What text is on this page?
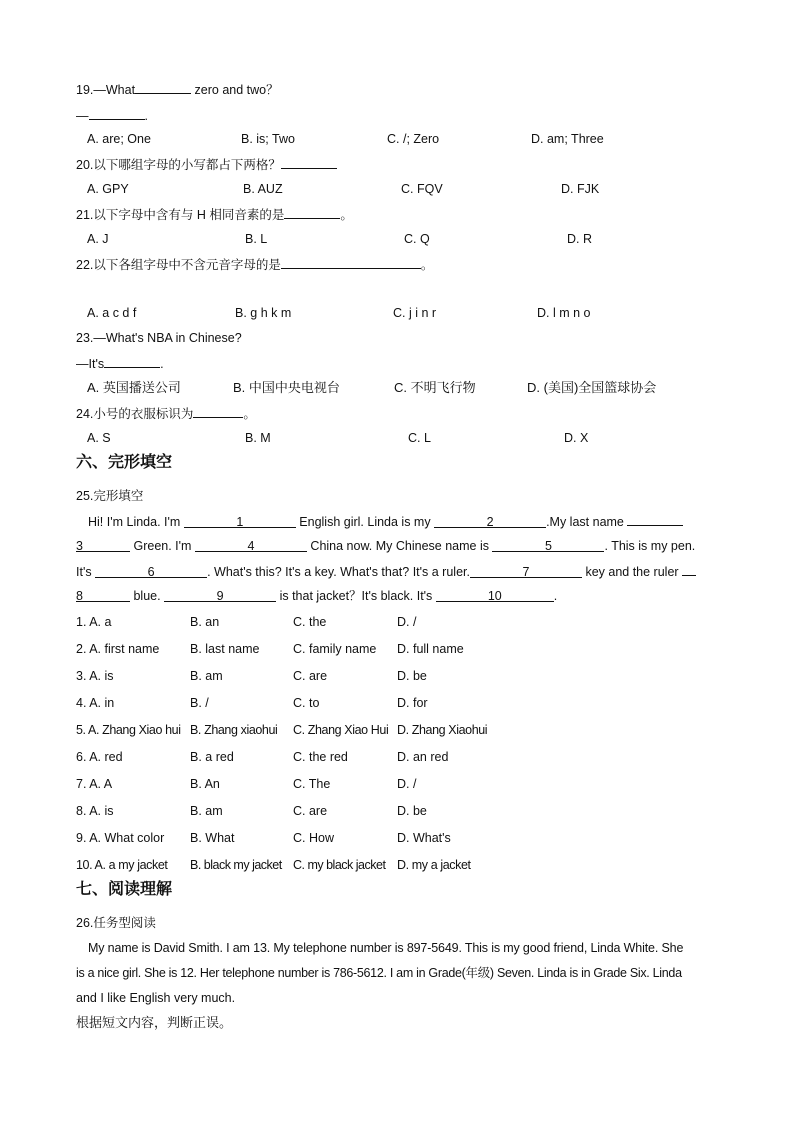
19.—What	zero and two？
—	.
A. are; One	B. is; Two	C. /; Zero	D. am; Three
20.以下哪组字母的小写都占下两格？
A. GPY	B. AUZ	C. FQV	D. FJK
21.以下字母中含有与 H 相同音素的是	。
A. J	B. L	C. Q	D. R
22.以下各组字母中不含元音字母的是	。
A. a c d f	B. g h k m	C. j i n r	D. l m n o
23.—What's NBA in Chinese?
—It's	.
A. 英国播送公司	B. 中国中央电视台	C. 不明飞行物	D. (美国)全国篮球协会
24.小号的衣服标识为	。
A. S	B. M	C. L	D. X
六、完形填空
25.完形填空
Hi! I'm Linda. I'm	1	English girl. Linda is my	2	.My last name
3	Green. I'm	4	China now. My Chinese name is	5	. This is my pen.
It's	6	. What's this? It's a key. What's that? It's a ruler.	7	key and the ruler
8	blue.	9	is that jacket？It's black. It's	10	.
1. A. a	B. an	C. the	D. /
2. A. first name B. last name	C. family name D. full name
3. A. is	B. am	C. are	D. be
4. A. in	B. /	C. to	D. for
5. A. Zhang Xiao hui B. Zhang xiaohui C. Zhang Xiao Hui D. Zhang Xiaohui
6. A. red	B. a red	C. the red	D. an red
7. A. A	B. An	C. The	D. /
8. A. is	B. am	C. are	D. be
9. A. What color B. What	C. How	D. What's
10. A. a my jacket B. black my jacket C. my black jacket D. my a jacket
七、阅读理解
26.任务型阅读
My name is David Smith. I am 13. My telephone number is 897-5649. This is my good friend, Linda White. She
is a nice girl. She is 12. Her telephone number is 786-5612. I am in Grade(年级) Seven. Linda is in Grade Six. Linda
and I like English very much.
根据短文内容，判断正误。
